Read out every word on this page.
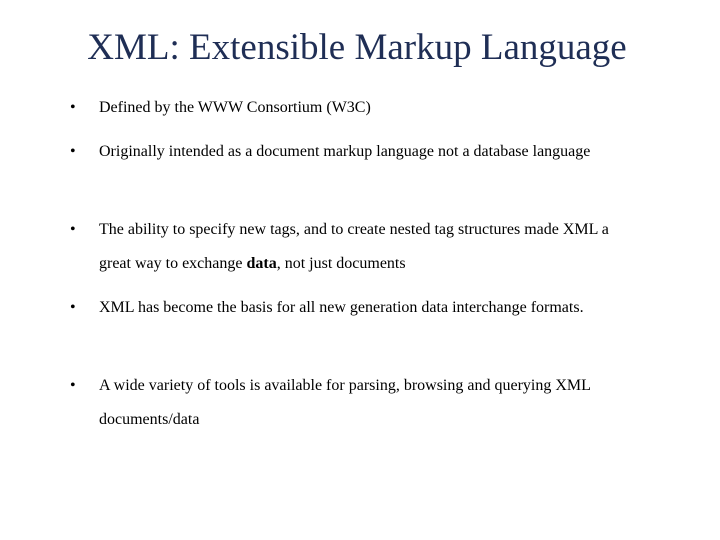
XML: Extensible Markup Language
• Defined by the WWW Consortium (W3C)

• Originally intended as a document markup language not a database language

• The ability to specify new tags, and to create nested tag structures made XML a great way to exchange data, not just documents

• XML has become the basis for all new generation data interchange formats.

• A wide variety of tools is available for parsing, browsing and querying XML documents/data
